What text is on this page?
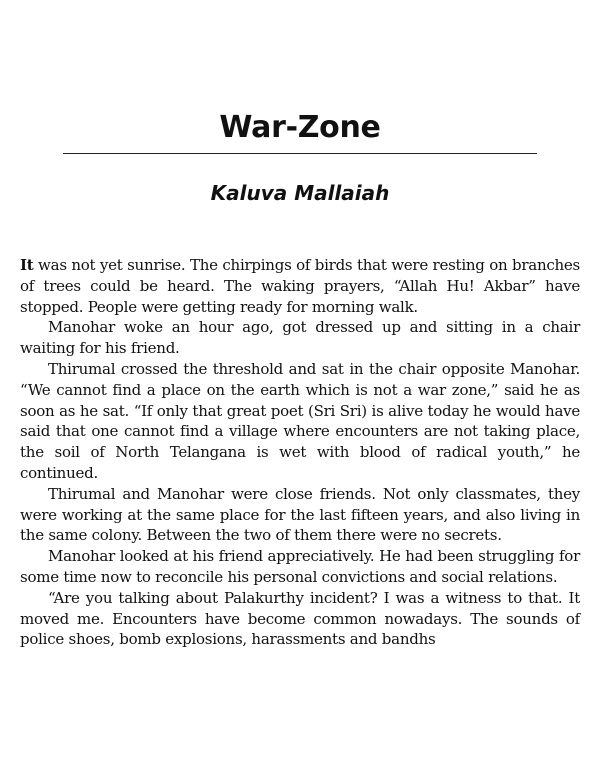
War-Zone
Kaluva Mallaiah

It was not yet sunrise. The chirpings of birds that were resting on branches of trees could be heard. The waking prayers, “Allah Hu! Akbar” have stopped. People were getting ready for morning walk.

Manohar woke an hour ago, got dressed up and sitting in a chair waiting for his friend.

Thirumal crossed the threshold and sat in the chair opposite Manohar. “We cannot find a place on the earth which is not a war zone,” said he as soon as he sat. “If only that great poet (Sri Sri) is alive today he would have said that one cannot find a village where encounters are not taking place, the soil of North Telangana is wet with blood of radical youth,” he continued.

Thirumal and Manohar were close friends. Not only classmates, they were working at the same place for the last fifteen years, and also living in the same colony. Between the two of them there were no secrets.

Manohar looked at his friend appreciatively. He had been struggling for some time now to reconcile his personal convictions and social relations.

“Are you talking about Palakurthy incident? I was a witness to that. It moved me. Encounters have become common nowadays. The sounds of police shoes, bomb explosions, harassments and bandhs
